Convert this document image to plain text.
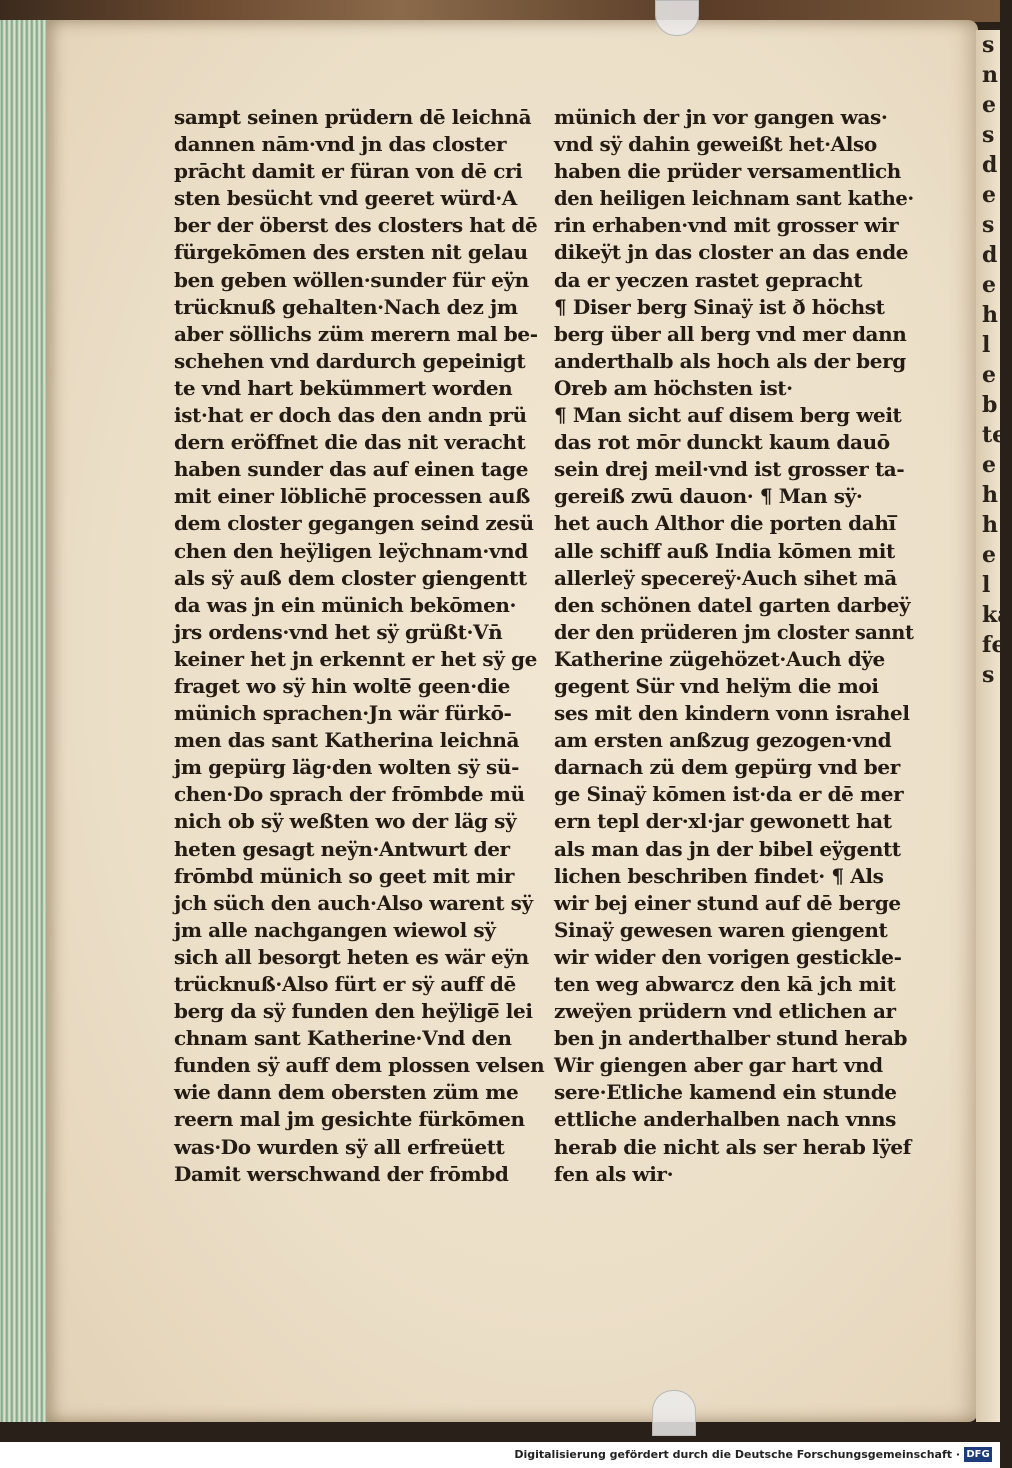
s
n
e
s
d
e
s
d
e
h
l
e
b
te
e
h
h
e
l
ka
fe
s
sampt seinen prüdern dē leichnā
dannen nām·vnd jn das closter
prācht damit er füran von dē cri
sten besücht vnd geeret würd·A
ber der öberst des closters hat dē
fürgekōmen des ersten nit gelau
ben geben wöllen·sunder für eÿn
trücknuß gehalten·Nach dez jm
aber söllichs züm merern mal be-
schehen vnd dardurch gepeinigt
te vnd hart bekümmert worden
ist·hat er doch das den andn prü
dern eröffnet die das nit veracht
haben sunder das auf einen tage
mit einer löbliche̅ processen auß
dem closter gegangen seind zesü
chen den heÿligen leÿchnam·vnd
als sÿ auß dem closter giengentt
da was jn ein münich bekōmen·
jrs ordens·vnd het sÿ grüßt·Vn̄
keiner het jn erkennt er het sÿ ge
fraget wo sÿ hin wolte̅ geen·die
münich sprachen·Jn wär fürkō-
men das sant Katherina leichnā
jm gepürg läg·den wolten sÿ sü-
chen·Do sprach der frōmbde mü
nich ob sÿ weßten wo der läg sÿ
heten gesagt neÿn·Antwurt der
frōmbd münich so geet mit mir
jch süch den auch·Also warent sÿ
jm alle nachgangen wiewol sÿ
sich all besorgt heten es wär eÿn
trücknuß·Also fürt er sÿ auff dē
berg da sÿ funden den heÿlige̅ lei
chnam sant Katherine·Vnd den
funden sÿ auff dem plossen velsen
wie dann dem obersten züm me
reern mal jm gesichte fürkōmen
was·Do wurden sÿ all erfreüett
Damit werschwand der frōmbd
münich der jn vor gangen was·
vnd sÿ dahin geweißt het·Also
haben die prüder versamentlich
den heiligen leichnam sant kathe·
rin erhaben·vnd mit grosser wir
dikeÿt jn das closter an das ende
da er yeczen rastet gepracht
¶ Diser berg Sinaÿ ist ð höchst
berg über all berg vnd mer dann
anderthalb als hoch als der berg
Oreb am höchsten ist·
¶ Man sicht auf disem berg weit
das rot mōr dunckt kaum dauō
sein drej meil·vnd ist grosser ta-
gereiß zwū dauon· ¶ Man sÿ·
het auch Althor die porten dahi̅
alle schiff auß India kōmen mit
allerleÿ specereÿ·Auch sihet mā
den schönen datel garten darbeÿ
der den prüderen jm closter sannt
Katherine zügehözet·Auch dÿe
gegent Sür vnd helÿm die moi
ses mit den kindern vonn israhel
am ersten anßzug gezogen·vnd
darnach zü dem gepürg vnd ber
ge Sinaÿ kōmen ist·da er dē mer
ern tepl der·xl·jar gewonett hat
als man das jn der bibel eÿgentt
lichen beschriben findet· ¶ Als
wir bej einer stund auf dē berge
Sinaÿ gewesen waren giengent
wir wider den vorigen gestickle-
ten weg abwarcz den kā jch mit
zweÿen prüdern vnd etlichen ar
ben jn anderthalber stund herab
Wir giengen aber gar hart vnd
sere·Etliche kamend ein stunde
ettliche anderhalben nach vnns
herab die nicht als ser herab lÿef
fen als wir·
Digitalisierung gefördert durch die Deutsche Forschungsgemeinschaft · DFG
